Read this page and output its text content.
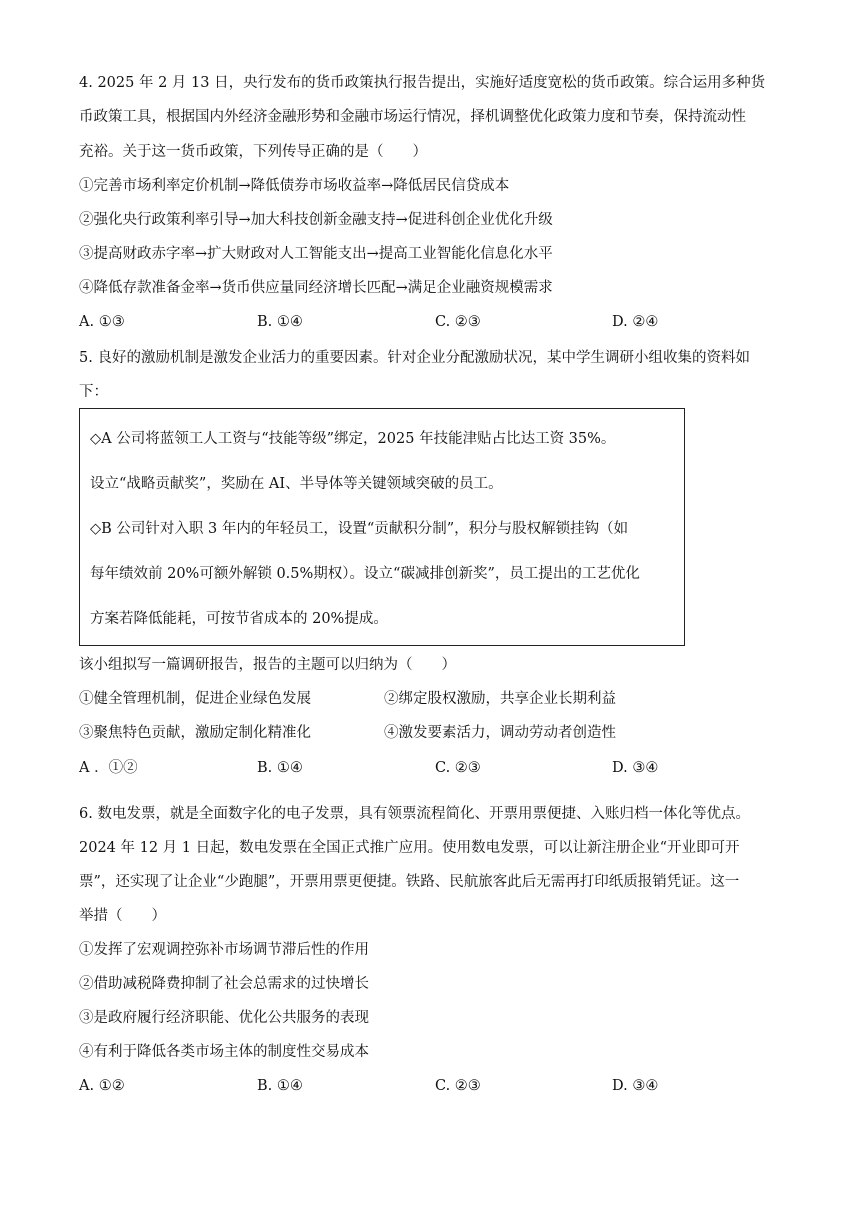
4. 2025 年 2 月 13 日，央行发布的货币政策执行报告提出，实施好适度宽松的货币政策。综合运用多种货
币政策工具，根据国内外经济金融形势和金融市场运行情况，择机调整优化政策力度和节奏，保持流动性
充裕。关于这一货币政策，下列传导正确的是（　　）
①完善市场利率定价机制→降低债券市场收益率→降低居民信贷成本
②强化央行政策利率引导→加大科技创新金融支持→促进科创企业优化升级
③提高财政赤字率→扩大财政对人工智能支出→提高工业智能化信息化水平
④降低存款准备金率→货币供应量同经济增长匹配→满足企业融资规模需求
A. ①③	B. ①④	C. ②③	D. ②④
5. 良好的激励机制是激发企业活力的重要因素。针对企业分配激励状况，某中学生调研小组收集的资料如
下：
◇A 公司将蓝领工人工资与“技能等级”绑定，2025 年技能津贴占比达工资 35%。
设立“战略贡献奖”，奖励在 AI、半导体等关键领域突破的员工。
◇B 公司针对入职 3 年内的年轻员工，设置“贡献积分制”，积分与股权解锁挂钩（如
每年绩效前 20%可额外解锁 0.5%期权）。设立“碳减排创新奖”，员工提出的工艺优化
方案若降低能耗，可按节省成本的 20%提成。
该小组拟写一篇调研报告，报告的主题可以归纳为（　　）
①健全管理机制，促进企业绿色发展	②绑定股权激励，共享企业长期利益
③聚焦特色贡献，激励定制化精准化	④激发要素活力，调动劳动者创造性
A ．①②	B. ①④	C. ②③	D. ③④
6. 数电发票，就是全面数字化的电子发票，具有领票流程简化、开票用票便捷、入账归档一体化等优点。
2024 年 12 月 1 日起，数电发票在全国正式推广应用。使用数电发票，可以让新注册企业“开业即可开
票”，还实现了让企业“少跑腿”，开票用票更便捷。铁路、民航旅客此后无需再打印纸质报销凭证。这一
举措（　　）
①发挥了宏观调控弥补市场调节滞后性的作用
②借助减税降费抑制了社会总需求的过快增长
③是政府履行经济职能、优化公共服务的表现
④有利于降低各类市场主体的制度性交易成本
A. ①②	B. ①④	C. ②③	D. ③④
